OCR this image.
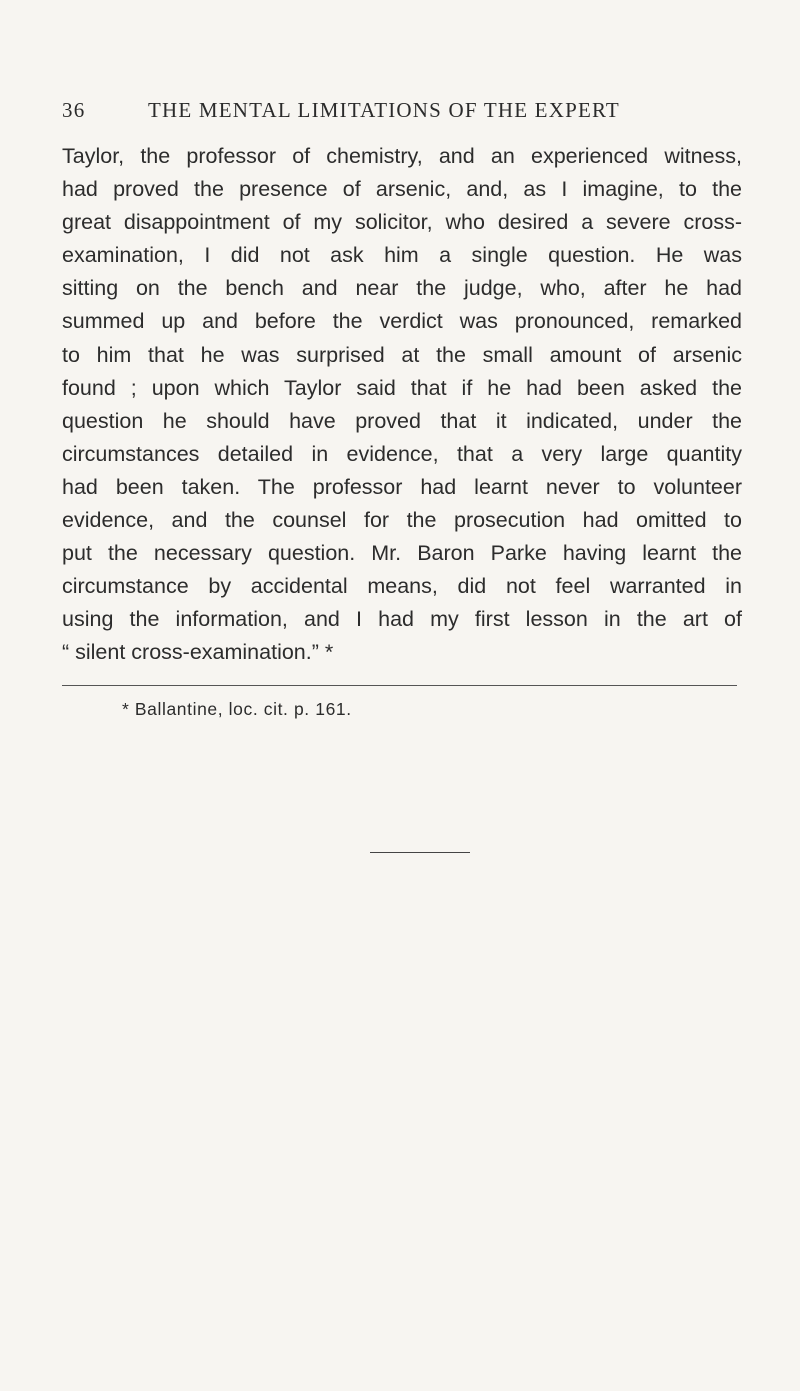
36	THE MENTAL LIMITATIONS OF THE EXPERT
Taylor, the professor of chemistry, and an experienced witness,
had proved the presence of arsenic, and, as I imagine, to the
great disappointment of my solicitor, who desired a severe cross-
examination, I did not ask him a single question. He was
sitting on the bench and near the judge, who, after he had
summed up and before the verdict was pronounced, remarked
to him that he was surprised at the small amount of arsenic
found ; upon which Taylor said that if he had been asked the
question he should have proved that it indicated, under the
circumstances detailed in evidence, that a very large quantity
had been taken. The professor had learnt never to volunteer
evidence, and the counsel for the prosecution had omitted to
put the necessary question. Mr. Baron Parke having learnt the
circumstance by accidental means, did not feel warranted in
using the information, and I had my first lesson in the art of
“ silent cross-examination.” *
* Ballantine, loc. cit. p. 161.
